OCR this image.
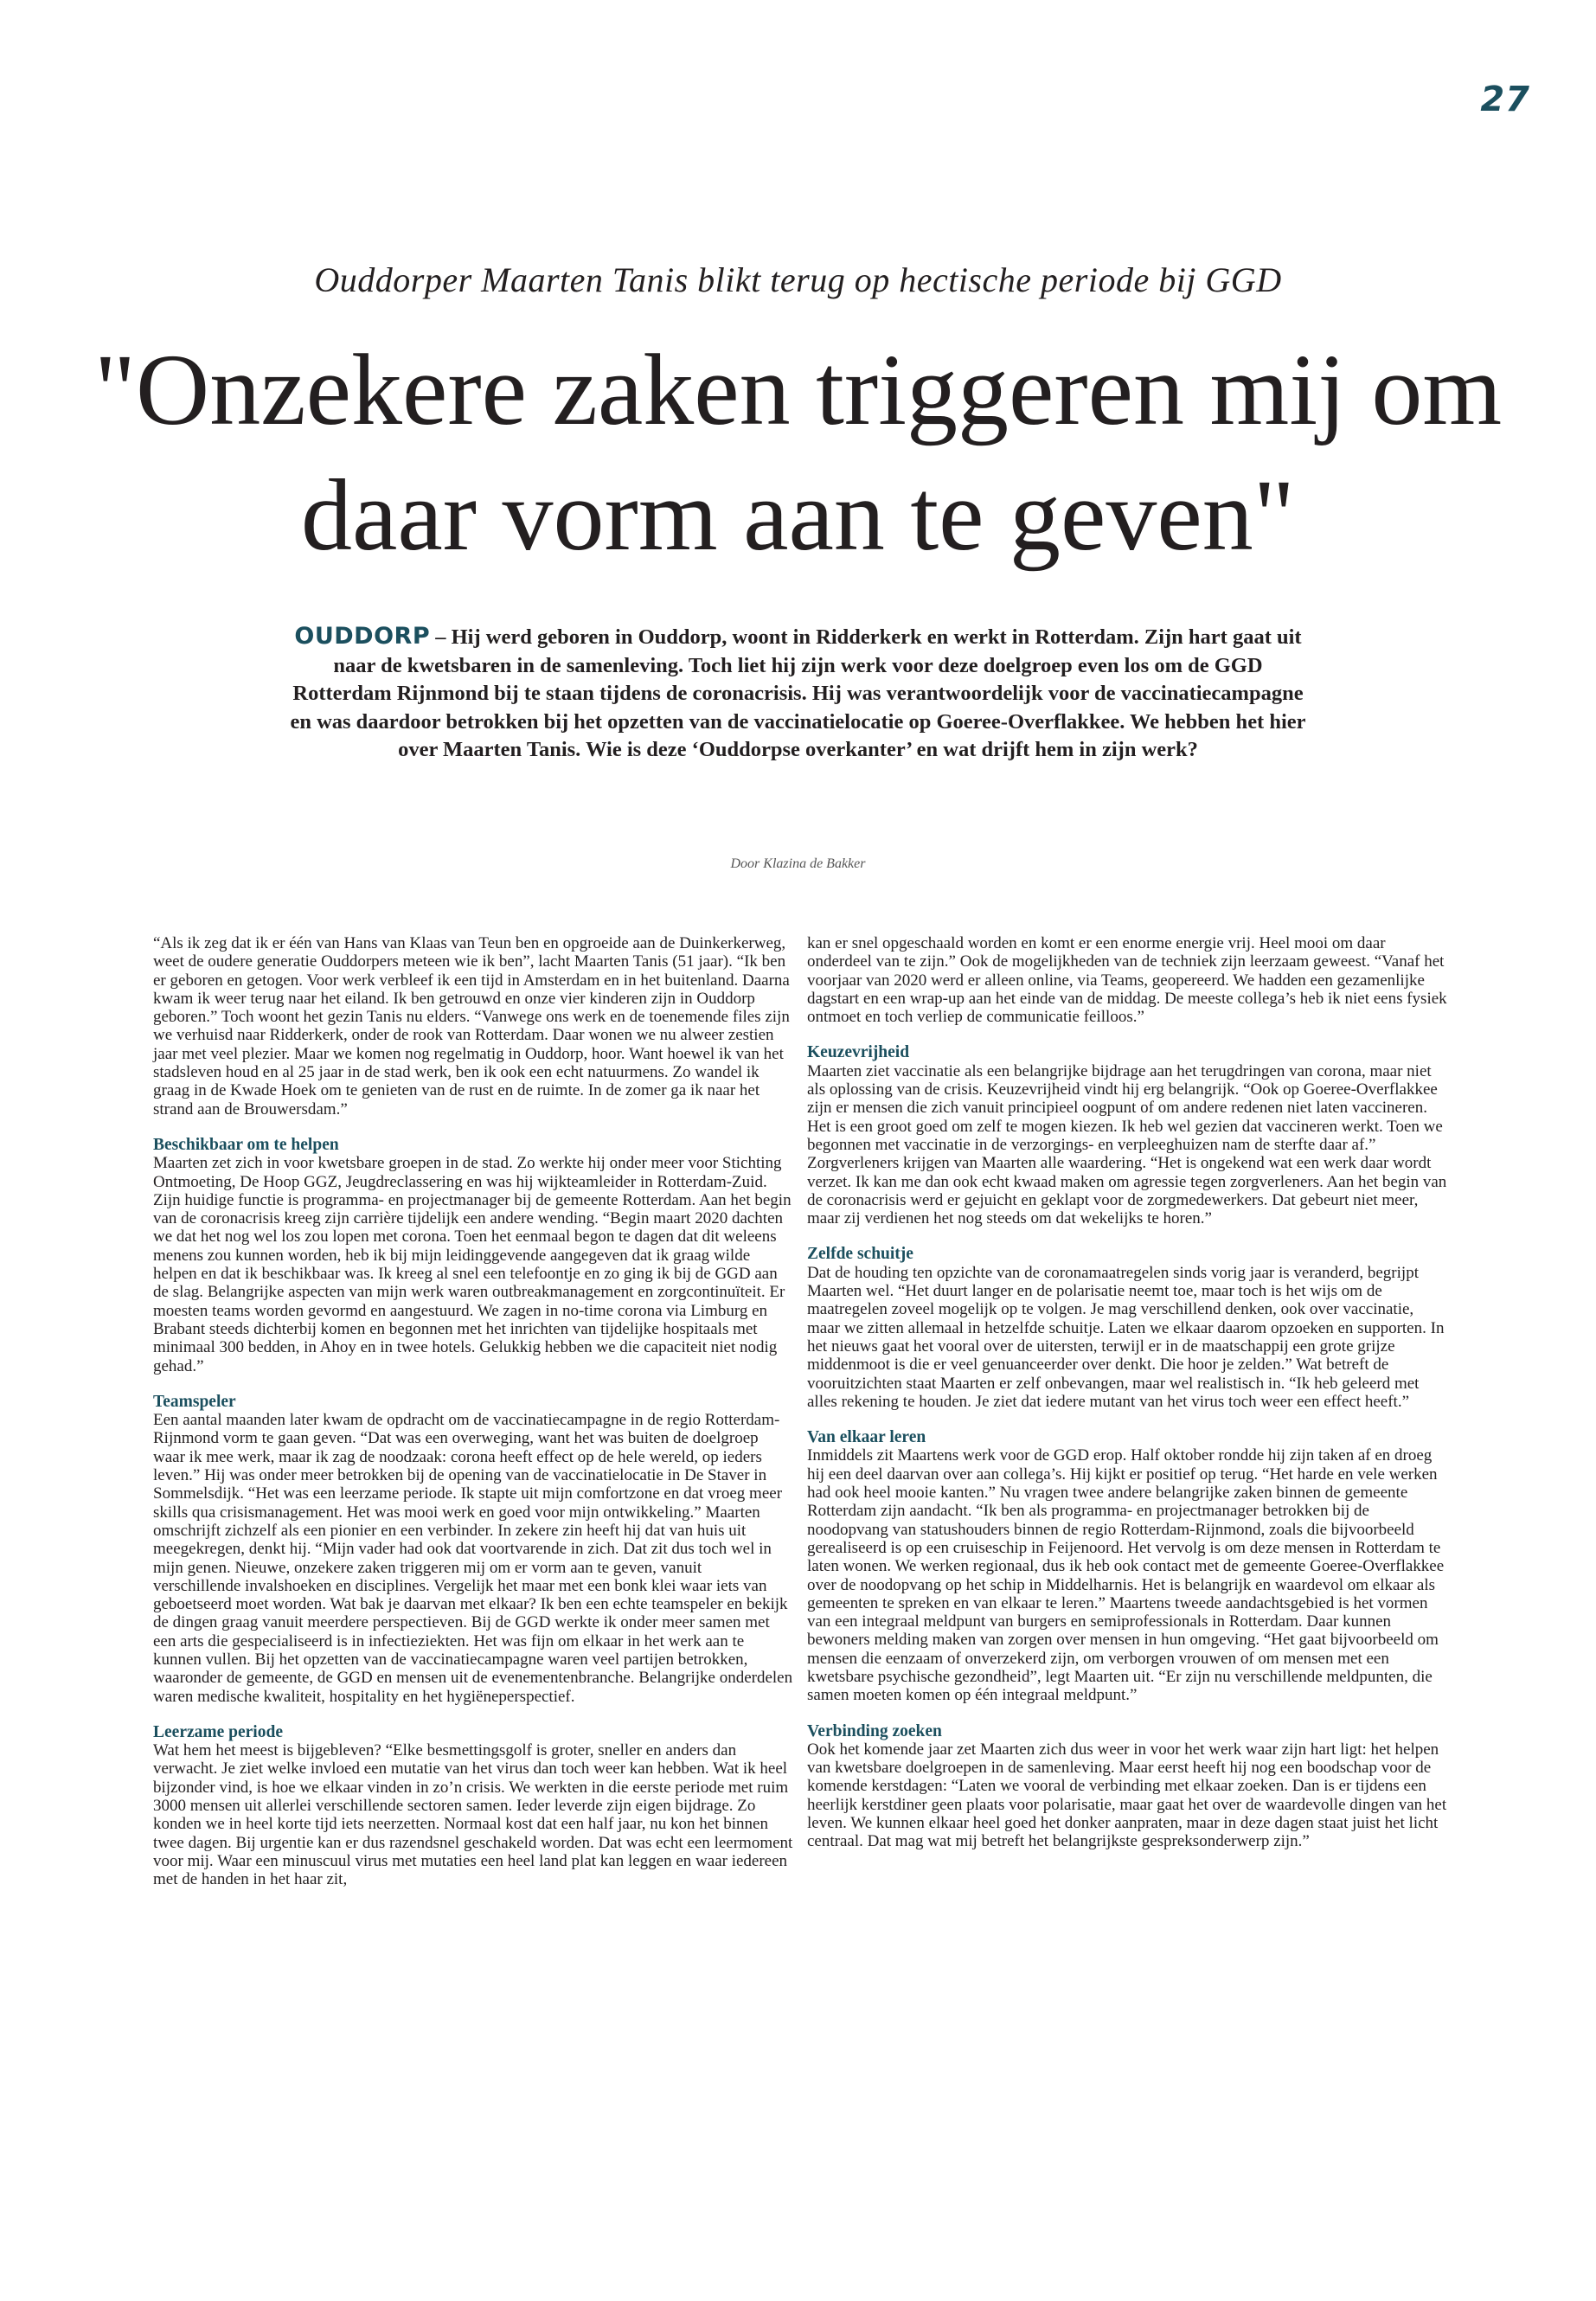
27
Ouddorper Maarten Tanis blikt terug op hectische periode bij GGD
"Onzekere zaken triggeren mij om daar vorm aan te geven"

OUDDORP – Hij werd geboren in Ouddorp, woont in Ridderkerk en werkt in Rotterdam. Zijn hart gaat uit naar de kwetsbaren in de samenleving. Toch liet hij zijn werk voor deze doelgroep even los om de GGD Rotterdam Rijnmond bij te staan tijdens de coronacrisis. Hij was verantwoordelijk voor de vaccinatiecampagne en was daardoor betrokken bij het opzetten van de vaccinatielocatie op Goeree-Overflakkee. We hebben het hier over Maarten Tanis. Wie is deze ‘Ouddorpse overkanter’ en wat drijft hem in zijn werk?

Door Klazina de Bakker

“Als ik zeg dat ik er één van Hans van Klaas van Teun ben en opgroeide aan de Duinkerkerweg, weet de oudere generatie Ouddorpers meteen wie ik ben”, lacht Maarten Tanis (51 jaar). “Ik ben er geboren en getogen. Voor werk verbleef ik een tijd in Amsterdam en in het buitenland. Daarna kwam ik weer terug naar het eiland. Ik ben getrouwd en onze vier kinderen zijn in Ouddorp geboren.” Toch woont het gezin Tanis nu elders. “Vanwege ons werk en de toenemende files zijn we verhuisd naar Ridderkerk, onder de rook van Rotterdam. Daar wonen we nu alweer zestien jaar met veel plezier. Maar we komen nog regelmatig in Ouddorp, hoor. Want hoewel ik van het stadsleven houd en al 25 jaar in de stad werk, ben ik ook een echt natuurmens. Zo wandel ik graag in de Kwade Hoek om te genieten van de rust en de ruimte. In de zomer ga ik naar het strand aan de Brouwersdam.”

Beschikbaar om te helpen

Maarten zet zich in voor kwetsbare groepen in de stad. Zo werkte hij onder meer voor Stichting Ontmoeting, De Hoop GGZ, Jeugdreclassering en was hij wijkteamleider in Rotterdam-Zuid. Zijn huidige functie is programma- en projectmanager bij de gemeente Rotterdam. Aan het begin van de coronacrisis kreeg zijn carrière tijdelijk een andere wending. “Begin maart 2020 dachten we dat het nog wel los zou lopen met corona. Toen het eenmaal begon te dagen dat dit weleens menens zou kunnen worden, heb ik bij mijn leidinggevende aangegeven dat ik graag wilde helpen en dat ik beschikbaar was. Ik kreeg al snel een telefoontje en zo ging ik bij de GGD aan de slag. Belangrijke aspecten van mijn werk waren outbreakmanagement en zorgcontinuïteit. Er moesten teams worden gevormd en aangestuurd. We zagen in no-time corona via Limburg en Brabant steeds dichterbij komen en begonnen met het inrichten van tijdelijke hospitaals met minimaal 300 bedden, in Ahoy en in twee hotels. Gelukkig hebben we die capaciteit niet nodig gehad.”

Teamspeler

Een aantal maanden later kwam de opdracht om de vaccinatiecampagne in de regio Rotterdam-Rijnmond vorm te gaan geven. “Dat was een overweging, want het was buiten de doelgroep waar ik mee werk, maar ik zag de noodzaak: corona heeft effect op de hele wereld, op ieders leven.” Hij was onder meer betrokken bij de opening van de vaccinatielocatie in De Staver in Sommelsdijk. “Het was een leerzame periode. Ik stapte uit mijn comfortzone en dat vroeg meer skills qua crisismanagement. Het was mooi werk en goed voor mijn ontwikkeling.” Maarten omschrijft zichzelf als een pionier en een verbinder. In zekere zin heeft hij dat van huis uit meegekregen, denkt hij. “Mijn vader had ook dat voortvarende in zich. Dat zit dus toch wel in mijn genen. Nieuwe, onzekere zaken triggeren mij om er vorm aan te geven, vanuit verschillende invalshoeken en disciplines. Vergelijk het maar met een bonk klei waar iets van geboetseerd moet worden. Wat bak je daarvan met elkaar? Ik ben een echte teamspeler en bekijk de dingen graag vanuit meerdere perspectieven. Bij de GGD werkte ik onder meer samen met een arts die gespecialiseerd is in infectieziekten. Het was fijn om elkaar in het werk aan te kunnen vullen. Bij het opzetten van de vaccinatiecampagne waren veel partijen betrokken, waaronder de gemeente, de GGD en mensen uit de evenementenbranche. Belangrijke onderdelen waren medische kwaliteit, hospitality en het hygiëneperspectief.

Leerzame periode

Wat hem het meest is bijgebleven? “Elke besmettingsgolf is groter, sneller en anders dan verwacht. Je ziet welke invloed een mutatie van het virus dan toch weer kan hebben. Wat ik heel bijzonder vind, is hoe we elkaar vinden in zo’n crisis. We werkten in die eerste periode met ruim 3000 mensen uit allerlei verschillende sectoren samen. Ieder leverde zijn eigen bijdrage. Zo konden we in heel korte tijd iets neerzetten. Normaal kost dat een half jaar, nu kon het binnen twee dagen. Bij urgentie kan er dus razendsnel geschakeld worden. Dat was echt een leermoment voor mij. Waar een minuscuul virus met mutaties een heel land plat kan leggen en waar iedereen met de handen in het haar zit,

kan er snel opgeschaald worden en komt er een enorme energie vrij. Heel mooi om daar onderdeel van te zijn.” Ook de mogelijkheden van de techniek zijn leerzaam geweest. “Vanaf het voorjaar van 2020 werd er alleen online, via Teams, geopereerd. We hadden een gezamenlijke dagstart en een wrap-up aan het einde van de middag. De meeste collega’s heb ik niet eens fysiek ontmoet en toch verliep de communicatie feilloos.”

Keuzevrijheid

Maarten ziet vaccinatie als een belangrijke bijdrage aan het terugdringen van corona, maar niet als oplossing van de crisis. Keuzevrijheid vindt hij erg belangrijk. “Ook op Goeree-Overflakkee zijn er mensen die zich vanuit principieel oogpunt of om andere redenen niet laten vaccineren. Het is een groot goed om zelf te mogen kiezen. Ik heb wel gezien dat vaccineren werkt. Toen we begonnen met vaccinatie in de verzorgings- en verpleeghuizen nam de sterfte daar af.” Zorgverleners krijgen van Maarten alle waardering. “Het is ongekend wat een werk daar wordt verzet. Ik kan me dan ook echt kwaad maken om agressie tegen zorgverleners. Aan het begin van de coronacrisis werd er gejuicht en geklapt voor de zorgmedewerkers. Dat gebeurt niet meer, maar zij verdienen het nog steeds om dat wekelijks te horen.”

Zelfde schuitje

Dat de houding ten opzichte van de coronamaatregelen sinds vorig jaar is veranderd, begrijpt Maarten wel. “Het duurt langer en de polarisatie neemt toe, maar toch is het wijs om de maatregelen zoveel mogelijk op te volgen. Je mag verschillend denken, ook over vaccinatie, maar we zitten allemaal in hetzelfde schuitje. Laten we elkaar daarom opzoeken en supporten. In het nieuws gaat het vooral over de uitersten, terwijl er in de maatschappij een grote grijze middenmoot is die er veel genuanceerder over denkt. Die hoor je zelden.” Wat betreft de vooruitzichten staat Maarten er zelf onbevangen, maar wel realistisch in. “Ik heb geleerd met alles rekening te houden. Je ziet dat iedere mutant van het virus toch weer een effect heeft.”

Van elkaar leren

Inmiddels zit Maartens werk voor de GGD erop. Half oktober rondde hij zijn taken af en droeg hij een deel daarvan over aan collega’s. Hij kijkt er positief op terug. “Het harde en vele werken had ook heel mooie kanten.” Nu vragen twee andere belangrijke zaken binnen de gemeente Rotterdam zijn aandacht. “Ik ben als programma- en projectmanager betrokken bij de noodopvang van statushouders binnen de regio Rotterdam-Rijnmond, zoals die bijvoorbeeld gerealiseerd is op een cruiseschip in Feijenoord. Het vervolg is om deze mensen in Rotterdam te laten wonen. We werken regionaal, dus ik heb ook contact met de gemeente Goeree-Overflakkee over de noodopvang op het schip in Middelharnis. Het is belangrijk en waardevol om elkaar als gemeenten te spreken en van elkaar te leren.” Maartens tweede aandachtsgebied is het vormen van een integraal meldpunt van burgers en semiprofessionals in Rotterdam. Daar kunnen bewoners melding maken van zorgen over mensen in hun omgeving. “Het gaat bijvoorbeeld om mensen die eenzaam of onverzekerd zijn, om verborgen vrouwen of om mensen met een kwetsbare psychische gezondheid”, legt Maarten uit. “Er zijn nu verschillende meldpunten, die samen moeten komen op één integraal meldpunt.”

Verbinding zoeken

Ook het komende jaar zet Maarten zich dus weer in voor het werk waar zijn hart ligt: het helpen van kwetsbare doelgroepen in de samenleving. Maar eerst heeft hij nog een boodschap voor de komende kerstdagen: “Laten we vooral de verbinding met elkaar zoeken. Dan is er tijdens een heerlijk kerstdiner geen plaats voor polarisatie, maar gaat het over de waardevolle dingen van het leven. We kunnen elkaar heel goed het donker aanpraten, maar in deze dagen staat juist het licht centraal. Dat mag wat mij betreft het belangrijkste gespreksonderwerp zijn.”
